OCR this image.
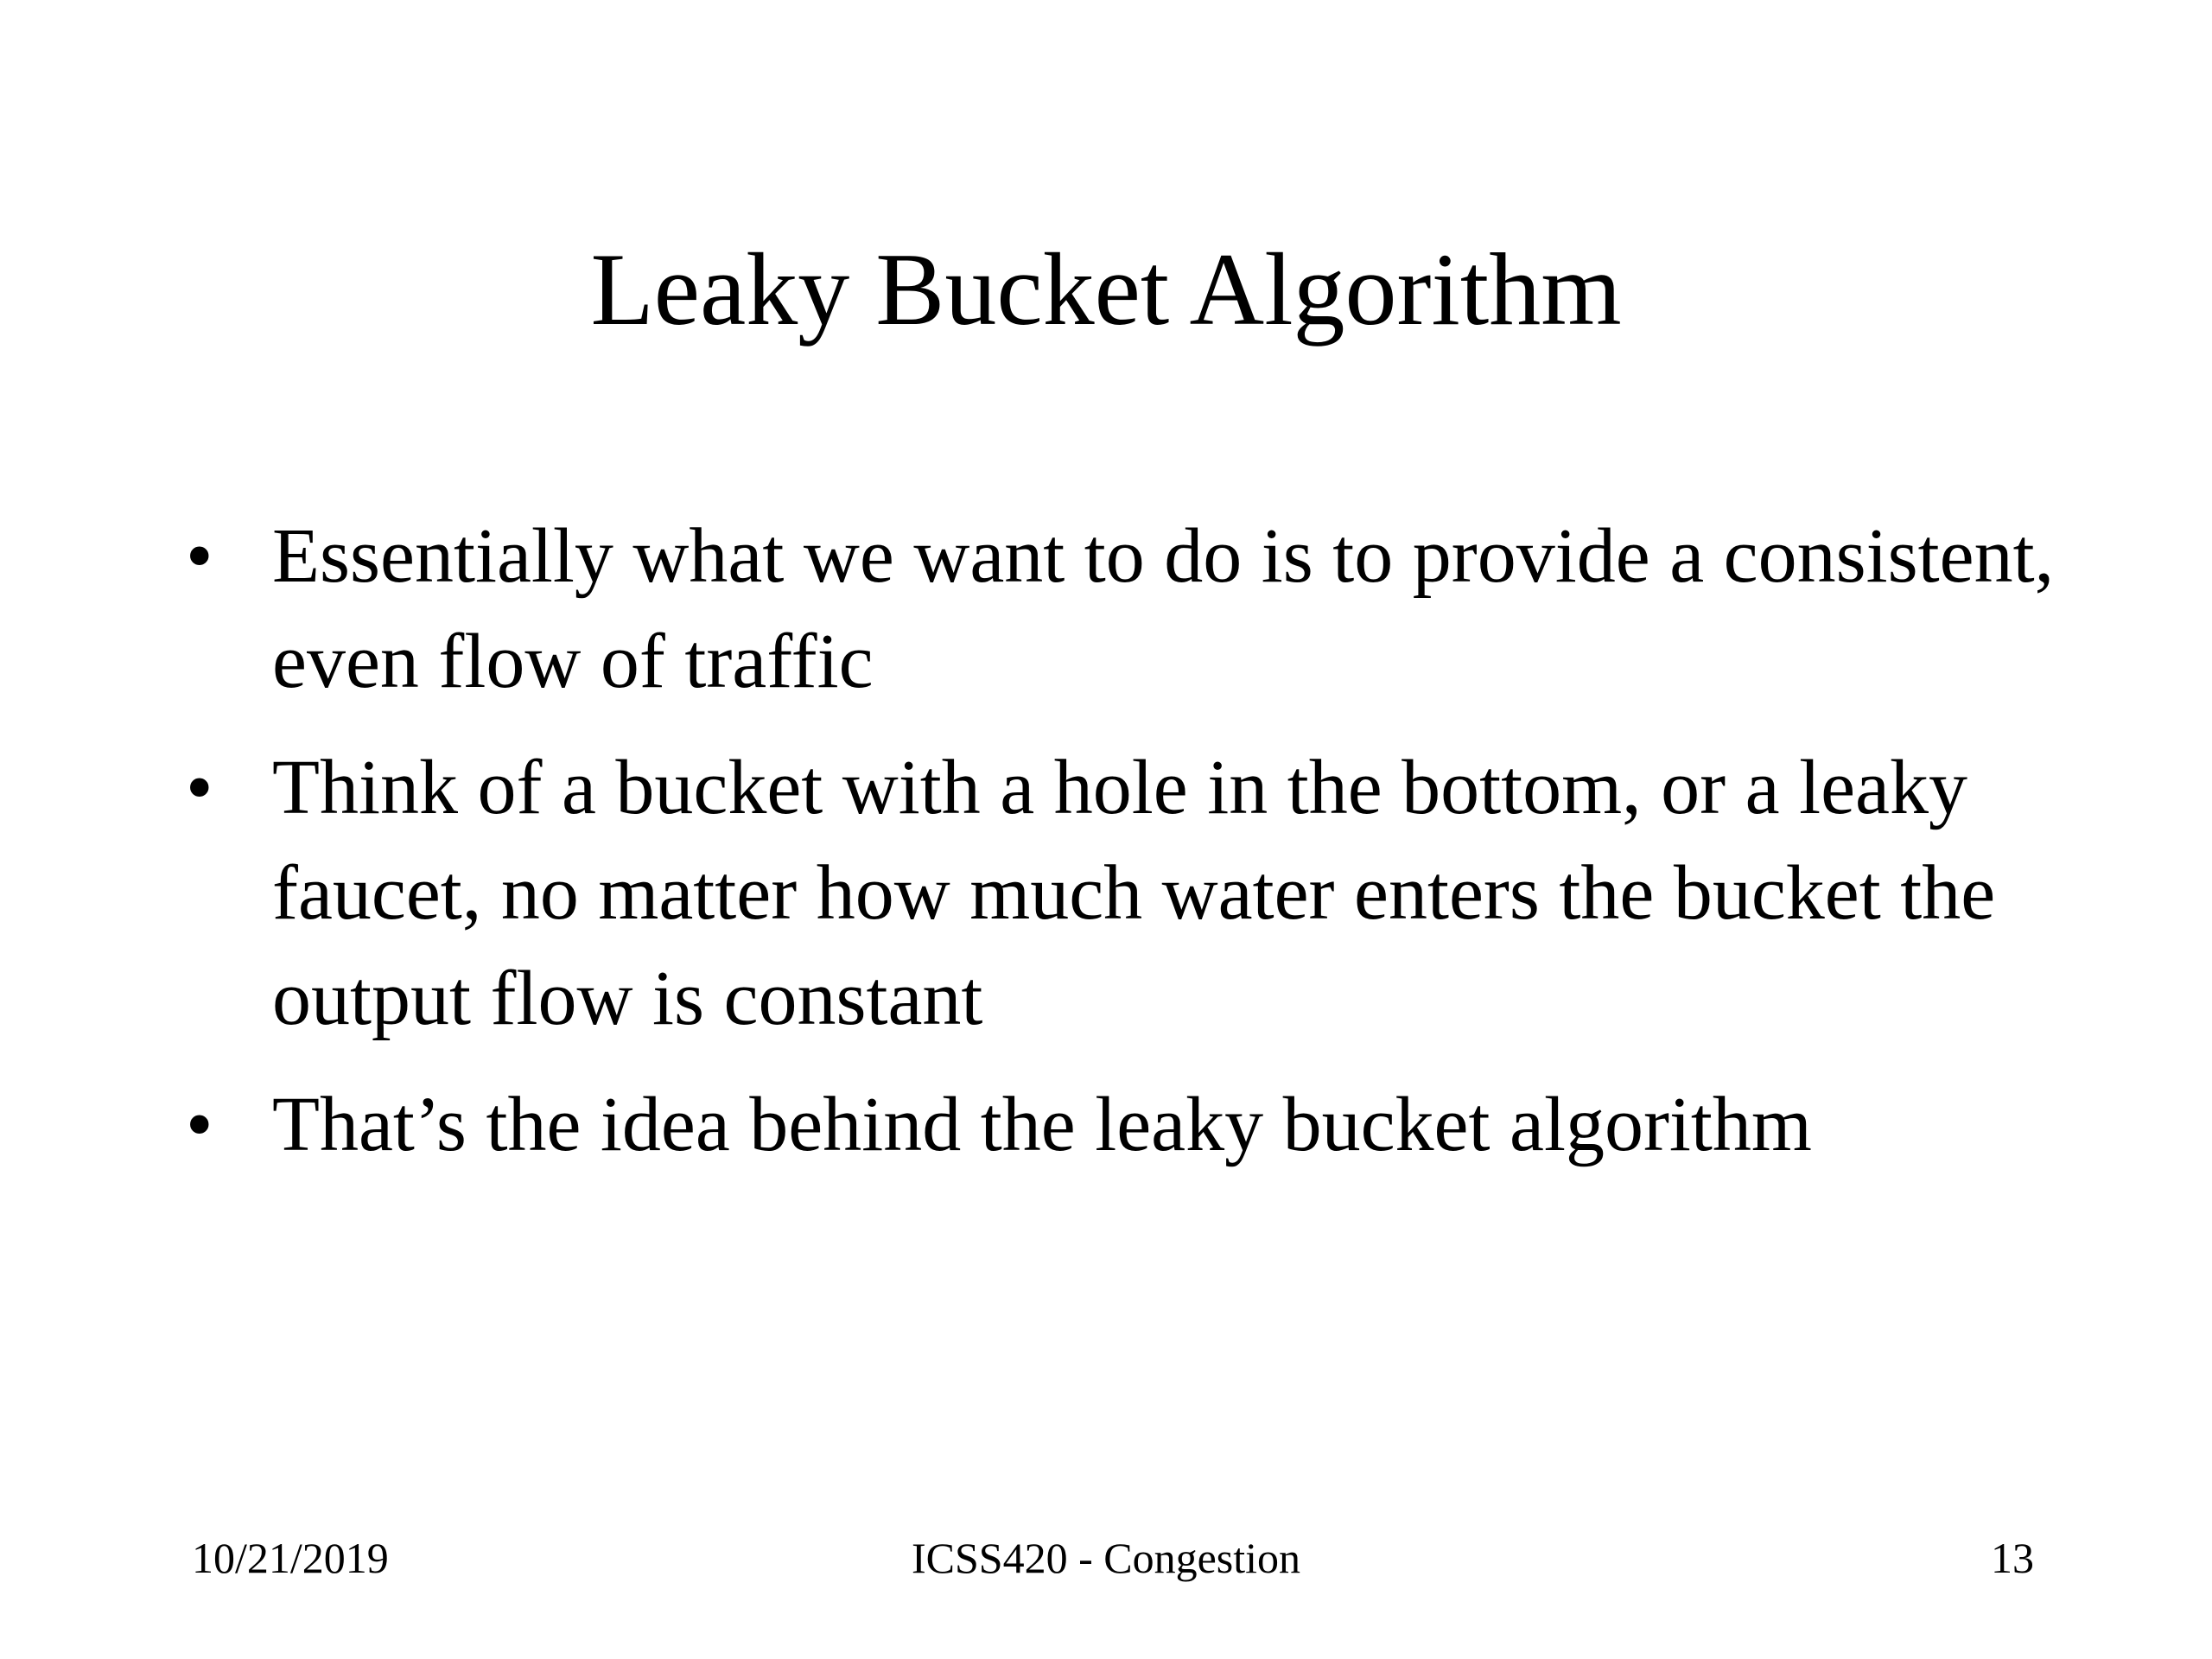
Leaky Bucket Algorithm
• Essentially what we want to do is to provide a consistent, even flow of traffic
• Think of a bucket with a hole in the bottom, or a leaky faucet, no matter how much water enters the bucket the output flow is constant
• That’s the idea behind the leaky bucket algorithm
10/21/2019	ICSS420 - Congestion	13
